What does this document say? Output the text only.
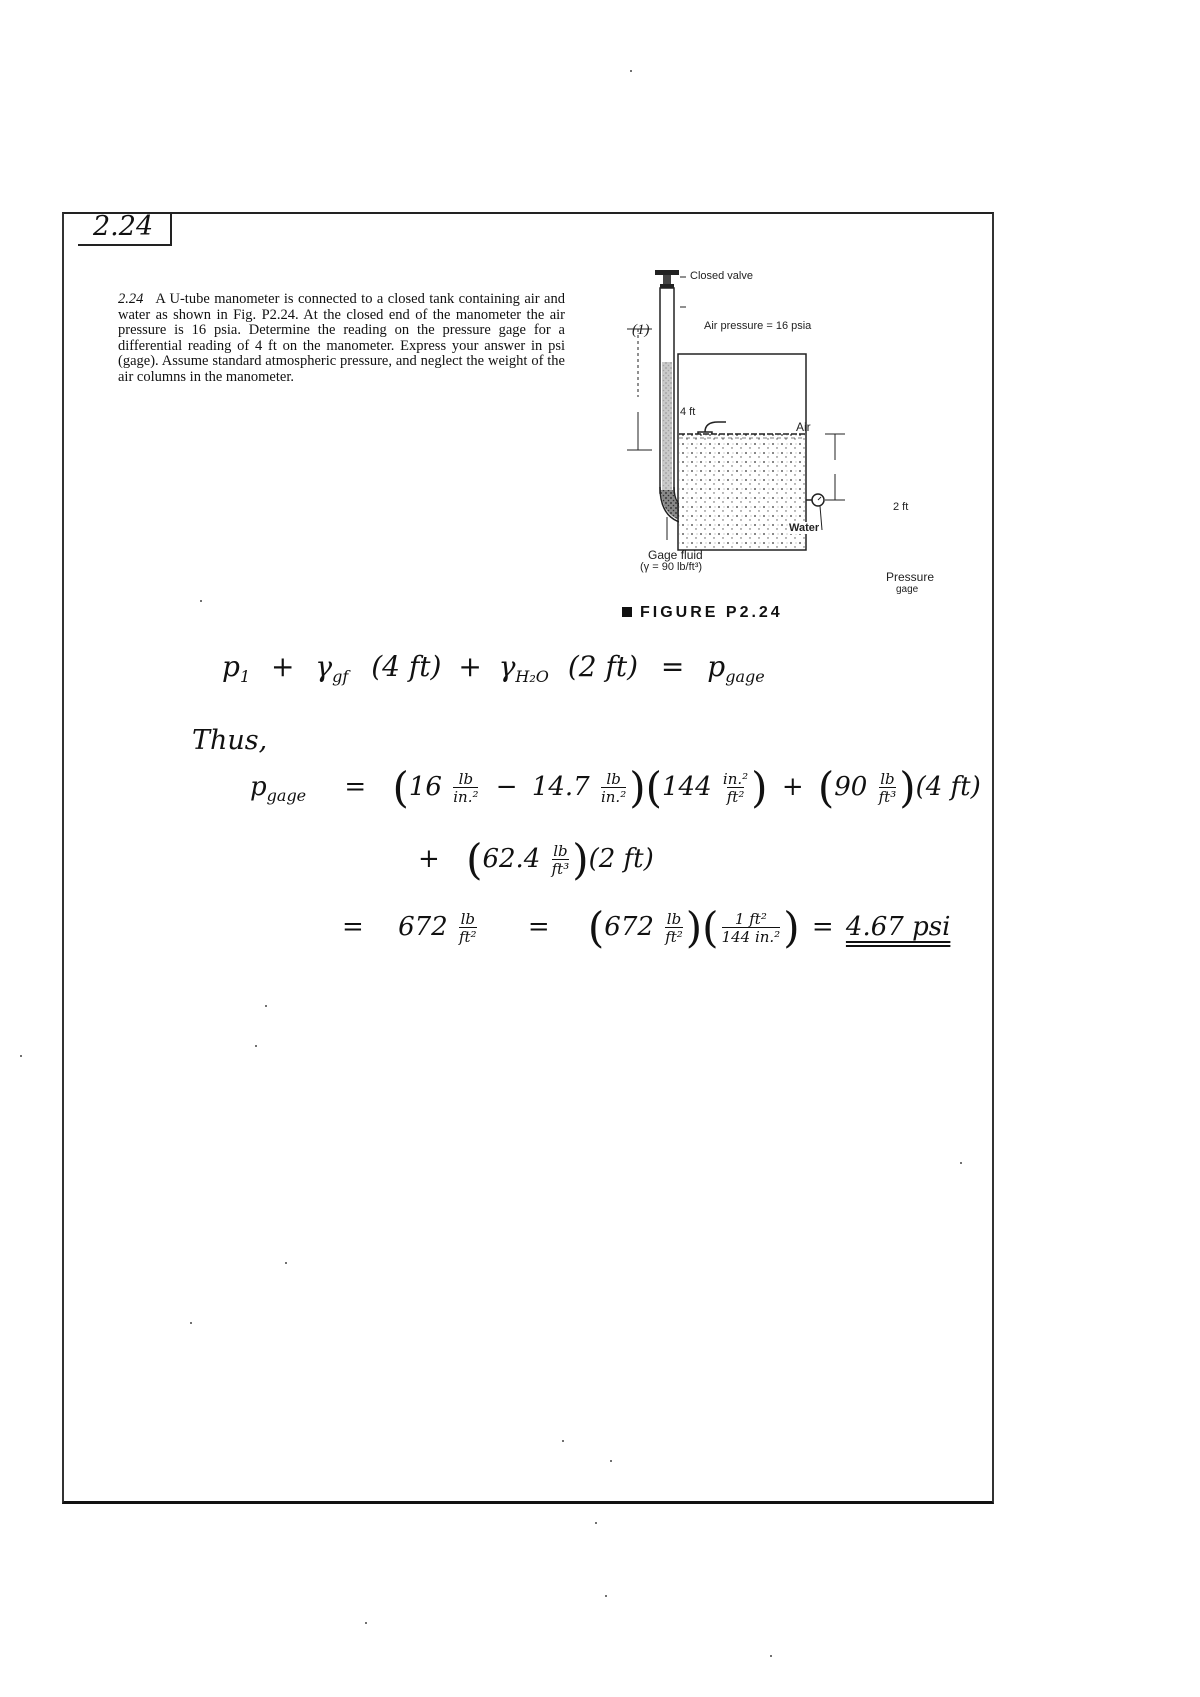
2.24
2.24 A U-tube manometer is connected to a closed tank containing air and water as shown in Fig. P2.24. At the closed end of the manometer the air pressure is 16 psia. Determine the reading on the pressure gage for a differential reading of 4 ft on the manometer. Express your answer in psi (gage). Assume standard atmospheric pressure, and neglect the weight of the air columns in the manometer.
Closed valve
Air pressure = 16 psia
(1)
4 ft
Air
Water
2 ft
Gage fluid
(γ = 90 lb/ft³)
Pressure
gage
FIGURE P2.24
$p_1 + \gamma_{gf}$ (4 $ft) + \gamma_{H_2O}$ (2 $ft) = p_{gage}$
Thus,
$p_{gage} = (16 \frac{lb}{\text{in.²}} - 14.7 \frac{lb}{\text{in.²}} )(144 \frac{\text{in.²}}{\text{ft²}}$ ) + $(90 \frac{lb}{\text{ft³}} )(4$ ft)
+ $(62.4 \frac{lb}{\text{ft³}} )(2$ ft)
= $672 \frac{lb}{\text{ft²}} = (672 \frac{lb}{\text{ft²}}$ )( $\frac{\text{1 ft²}}{\text{144 in.²}}$ ) = 4.67 psi
